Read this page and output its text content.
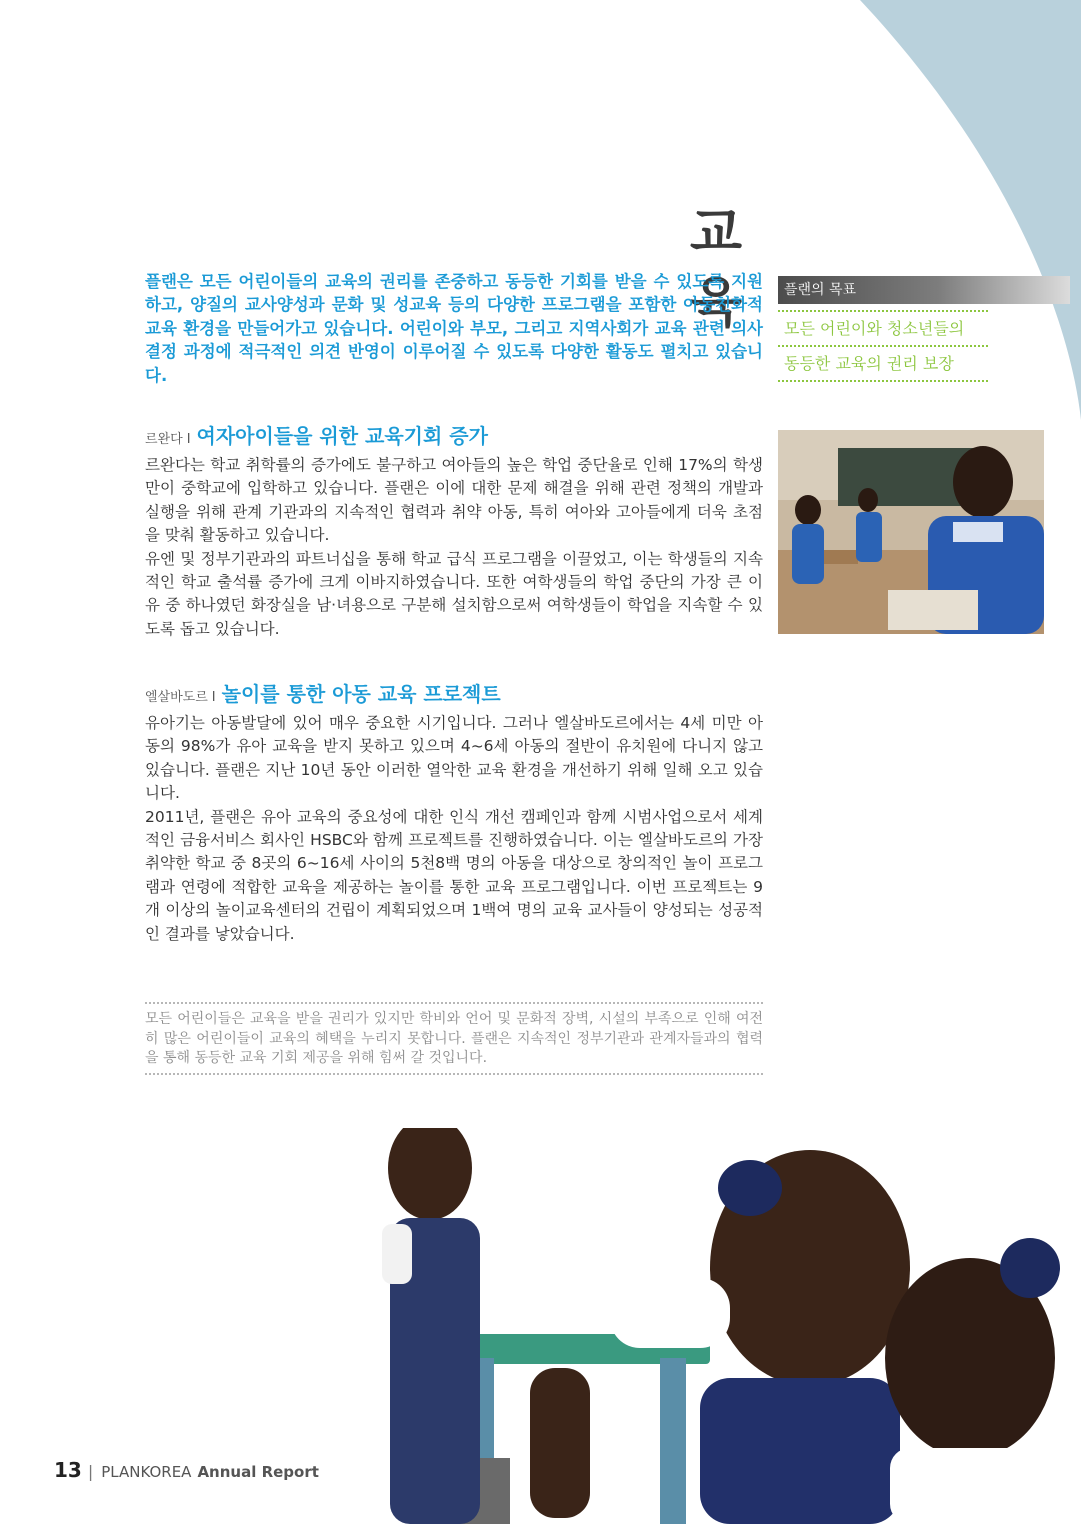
교 육

플랜은 모든 어린이들의 교육의 권리를 존중하고 동등한 기회를 받을 수 있도록 지원하고, 양질의 교사양성과 문화 및 성교육 등의 다양한 프로그램을 포함한 아동친화적 교육 환경을 만들어가고 있습니다. 어린이와 부모, 그리고 지역사회가 교육 관련 의사 결정 과정에 적극적인 의견 반영이 이루어질 수 있도록 다양한 활동도 펼치고 있습니다.

플랜의 목표
모든 어린이와 청소년들의
동등한 교육의 권리 보장
르완다 I 여자아이들을 위한 교육기회 증가

르완다는 학교 취학률의 증가에도 불구하고 여아들의 높은 학업 중단율로 인해 17%의 학생만이 중학교에 입학하고 있습니다. 플랜은 이에 대한 문제 해결을 위해 관련 정책의 개발과 실행을 위해 관계 기관과의 지속적인 협력과 취약 아동, 특히 여아와 고아들에게 더욱 초점을 맞춰 활동하고 있습니다.

유엔 및 정부기관과의 파트너십을 통해 학교 급식 프로그램을 이끌었고, 이는 학생들의 지속적인 학교 출석률 증가에 크게 이바지하였습니다. 또한 여학생들의 학업 중단의 가장 큰 이유 중 하나였던 화장실을 남·녀용으로 구분해 설치함으로써 여학생들이 학업을 지속할 수 있도록 돕고 있습니다.

엘살바도르 I 놀이를 통한 아동 교육 프로젝트

유아기는 아동발달에 있어 매우 중요한 시기입니다. 그러나 엘살바도르에서는 4세 미만 아동의 98%가 유아 교육을 받지 못하고 있으며 4~6세 아동의 절반이 유치원에 다니지 않고 있습니다. 플랜은 지난 10년 동안 이러한 열악한 교육 환경을 개선하기 위해 일해 오고 있습니다.

2011년, 플랜은 유아 교육의 중요성에 대한 인식 개선 캠페인과 함께 시범사업으로서 세계적인 금융서비스 회사인 HSBC와 함께 프로젝트를 진행하였습니다. 이는 엘살바도르의 가장 취약한 학교 중 8곳의 6~16세 사이의 5천8백 명의 아동을 대상으로 창의적인 놀이 프로그램과 연령에 적합한 교육을 제공하는 놀이를 통한 교육 프로그램입니다. 이번 프로젝트는 9개 이상의 놀이교육센터의 건립이 계획되었으며 1백여 명의 교육 교사들이 양성되는 성공적인 결과를 낳았습니다.

모든 어린이들은 교육을 받을 권리가 있지만 학비와 언어 및 문화적 장벽, 시설의 부족으로 인해 여전히 많은 어린이들이 교육의 혜택을 누리지 못합니다. 플랜은 지속적인 정부기관과 관계자들과의 협력을 통해 동등한 교육 기회 제공을 위해 힘써 갈 것입니다.
13 | PLANKOREA Annual Report
